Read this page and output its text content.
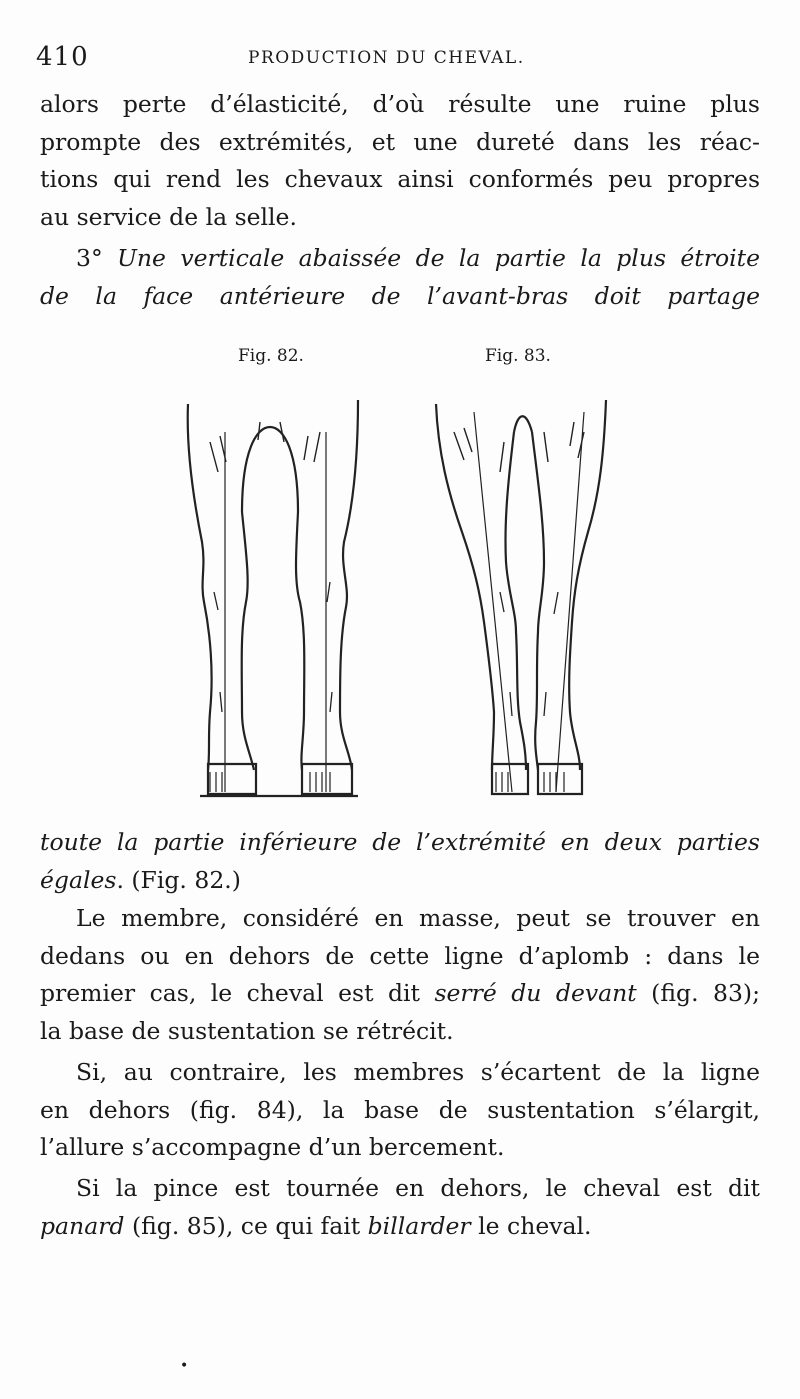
410	PRODUCTION DU CHEVAL.
alors perte d’élasticité, d’où résulte une ruine plus
prompte des extrémités, et une dureté dans les réac-
tions qui rend les chevaux ainsi conformés peu propres
au service de la selle.
3° Une verticale abaissée de la partie la plus étroite
de la face antérieure de l’avant-bras doit partage
Fig. 82.	Fig. 83.
toute la partie inférieure de l’extrémité en deux parties
égales. (Fig. 82.)
Le membre, considéré en masse, peut se trouver en
dedans ou en dehors de cette ligne d’aplomb : dans le
premier cas, le cheval est dit serré du devant (fig. 83);
la base de sustentation se rétrécit.
Si, au contraire, les membres s’écartent de la ligne
en dehors (fig. 84), la base de sustentation s’élargit,
l’allure s’accompagne d’un bercement.
Si la pince est tournée en dehors, le cheval est dit
panard (fig. 85), ce qui fait billarder le cheval.
•
